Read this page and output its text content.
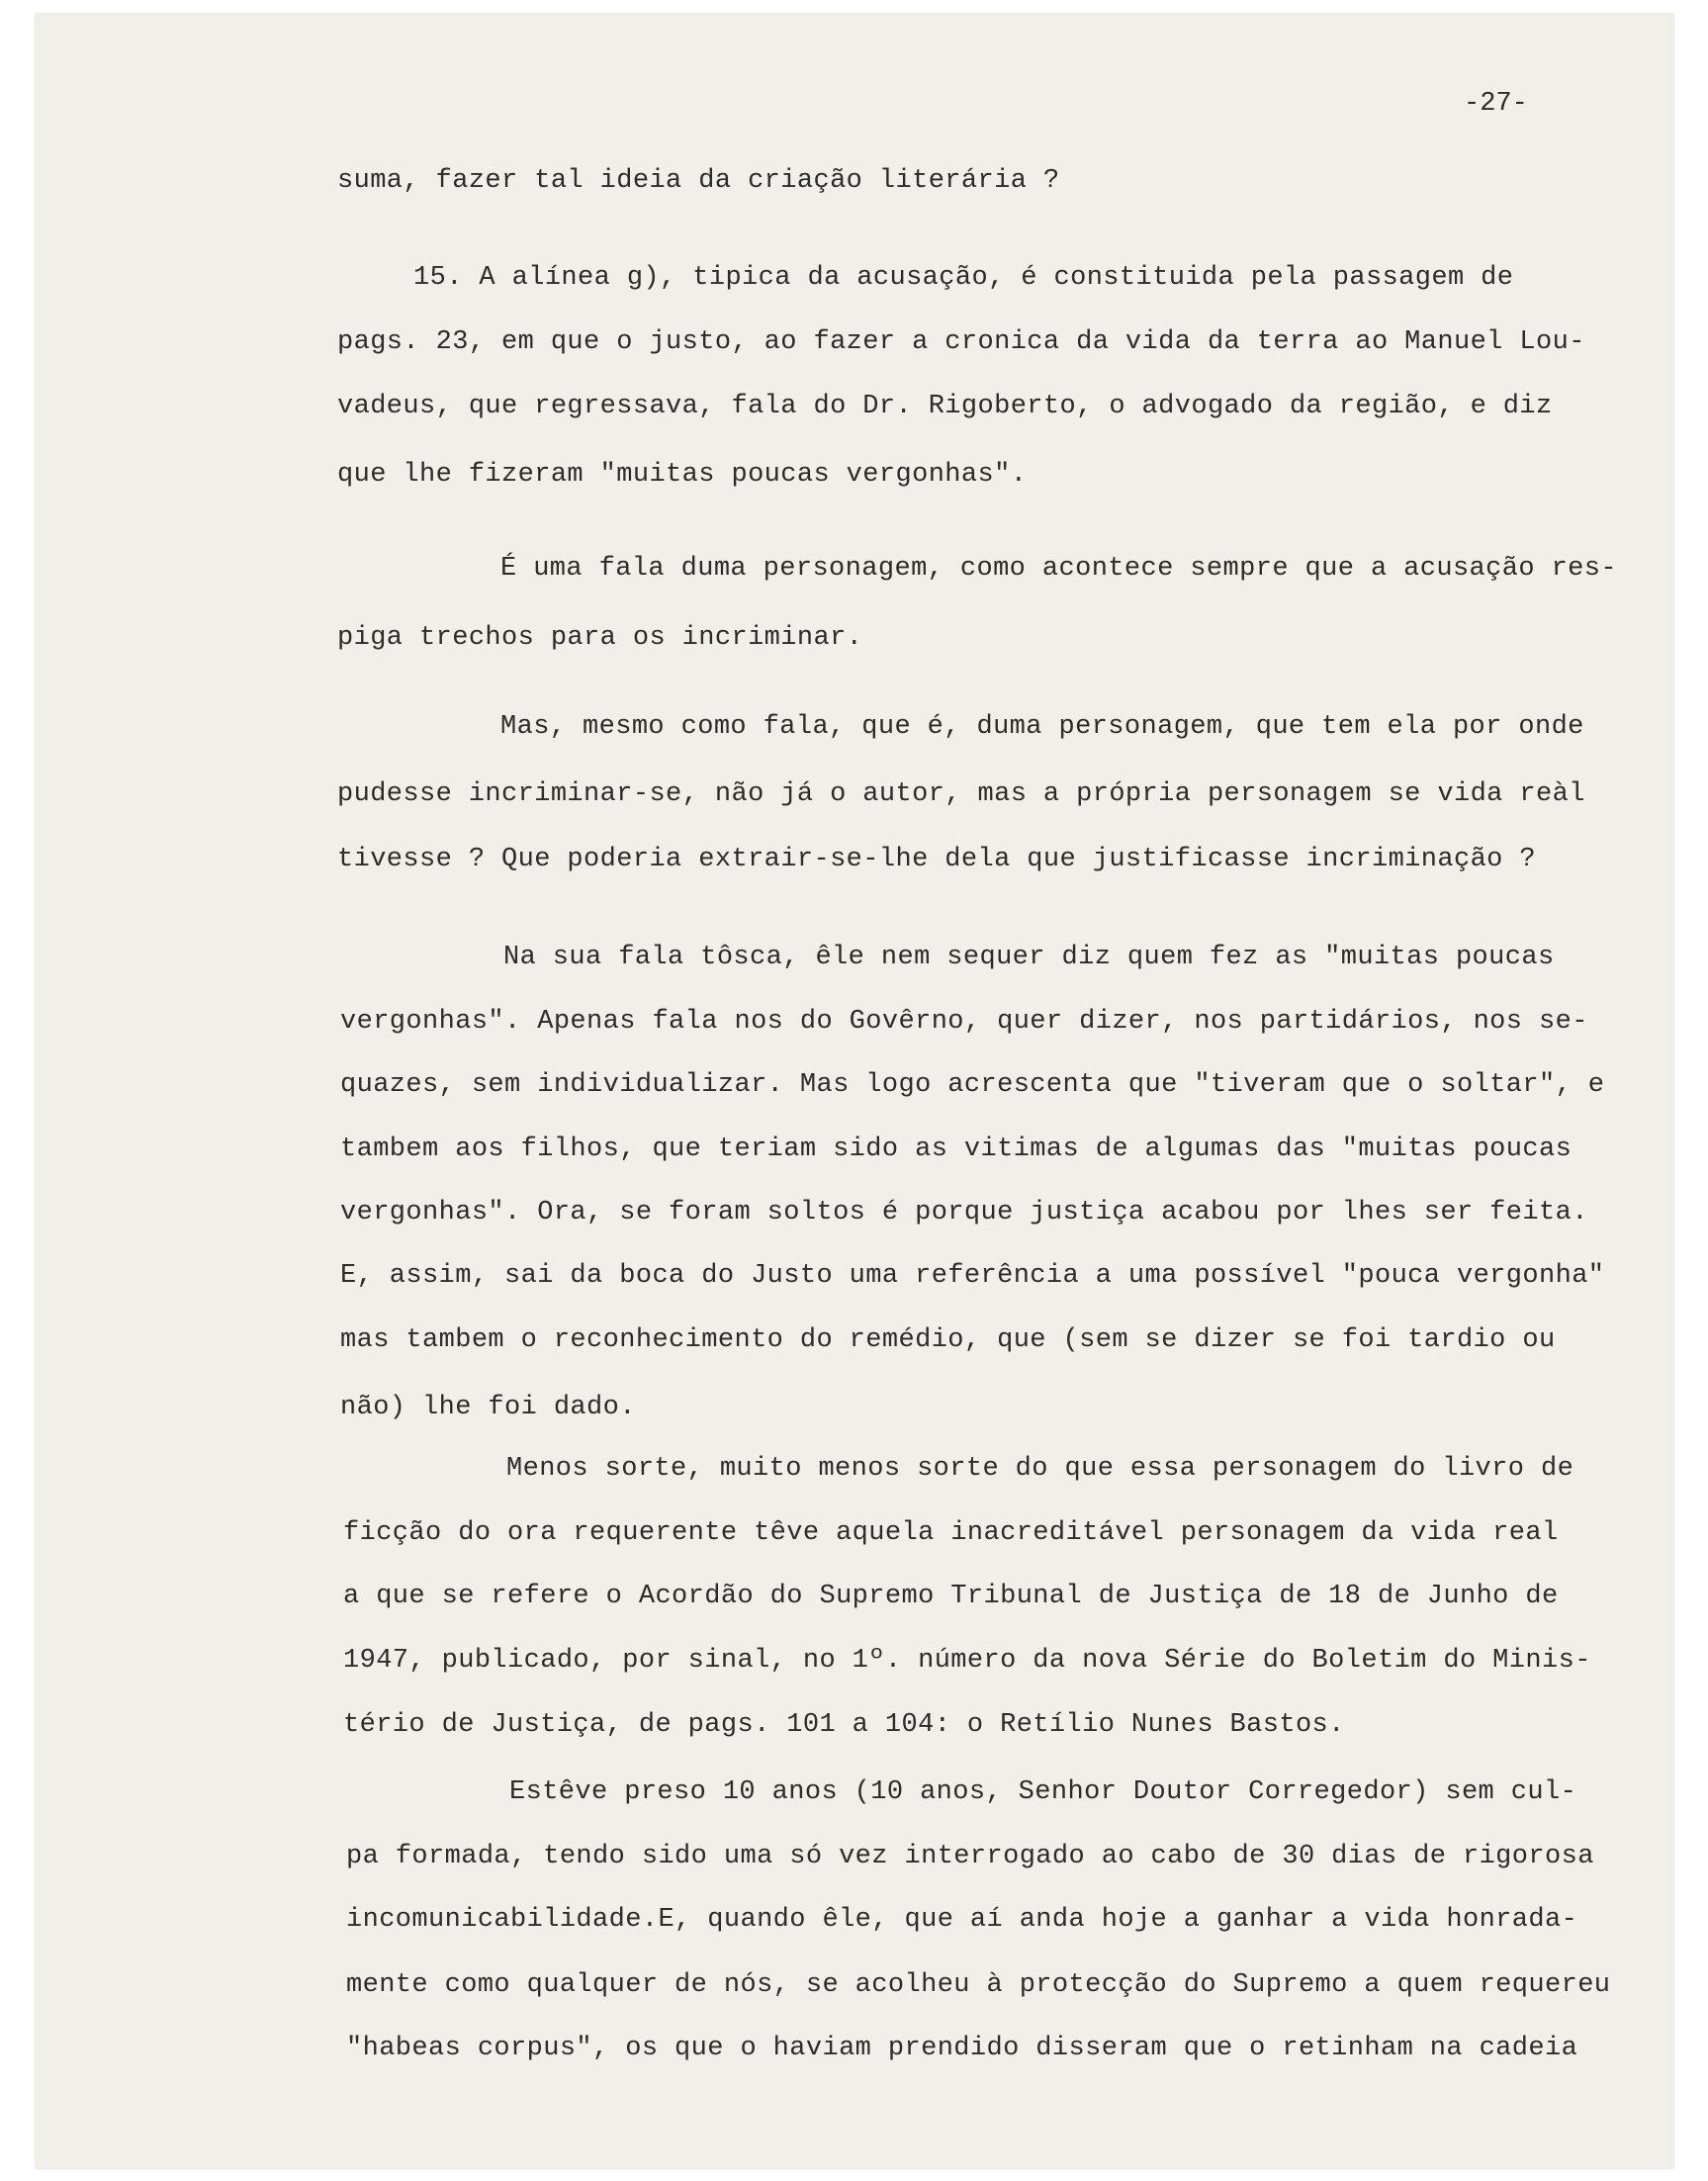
-27-
suma, fazer tal ideia da criação literária ?
15. A alínea g), tipica da acusação, é constituida pela passagem de
pags. 23, em que o justo, ao fazer a cronica da vida da terra ao Manuel Lou-
vadeus, que regressava, fala do Dr. Rigoberto, o advogado da região, e diz
que lhe fizeram "muitas poucas vergonhas".
É uma fala duma personagem, como acontece sempre que a acusação res-
piga trechos para os incriminar.
Mas, mesmo como fala, que é, duma personagem, que tem ela por onde
pudesse incriminar-se, não já o autor, mas a própria personagem se vida reàl
tivesse ? Que poderia extrair-se-lhe dela que justificasse incriminação ?
Na sua fala tôsca, êle nem sequer diz quem fez as "muitas poucas
vergonhas". Apenas fala nos do Govêrno, quer dizer, nos partidários, nos se-
quazes, sem individualizar. Mas logo acrescenta que "tiveram que o soltar", e
tambem aos filhos, que teriam sido as vitimas de algumas das "muitas poucas
vergonhas". Ora, se foram soltos é porque justiça acabou por lhes ser feita.
E, assim, sai da boca do Justo uma referência a uma possível "pouca vergonha"
mas tambem o reconhecimento do remédio, que (sem se dizer se foi tardio ou
não) lhe foi dado.
Menos sorte, muito menos sorte do que essa personagem do livro de
ficção do ora requerente têve aquela inacreditável personagem da vida real
a que se refere o Acordão do Supremo Tribunal de Justiça de 18 de Junho de
1947, publicado, por sinal, no 1º. número da nova Série do Boletim do Minis-
tério de Justiça, de pags. 101 a 104: o Retílio Nunes Bastos.
Estêve preso 10 anos (10 anos, Senhor Doutor Corregedor) sem cul-
pa formada, tendo sido uma só vez interrogado ao cabo de 30 dias de rigorosa
incomunicabilidade.E, quando êle, que aí anda hoje a ganhar a vida honrada-
mente como qualquer de nós, se acolheu à protecção do Supremo a quem requereu
"habeas corpus", os que o haviam prendido disseram que o retinham na cadeia
